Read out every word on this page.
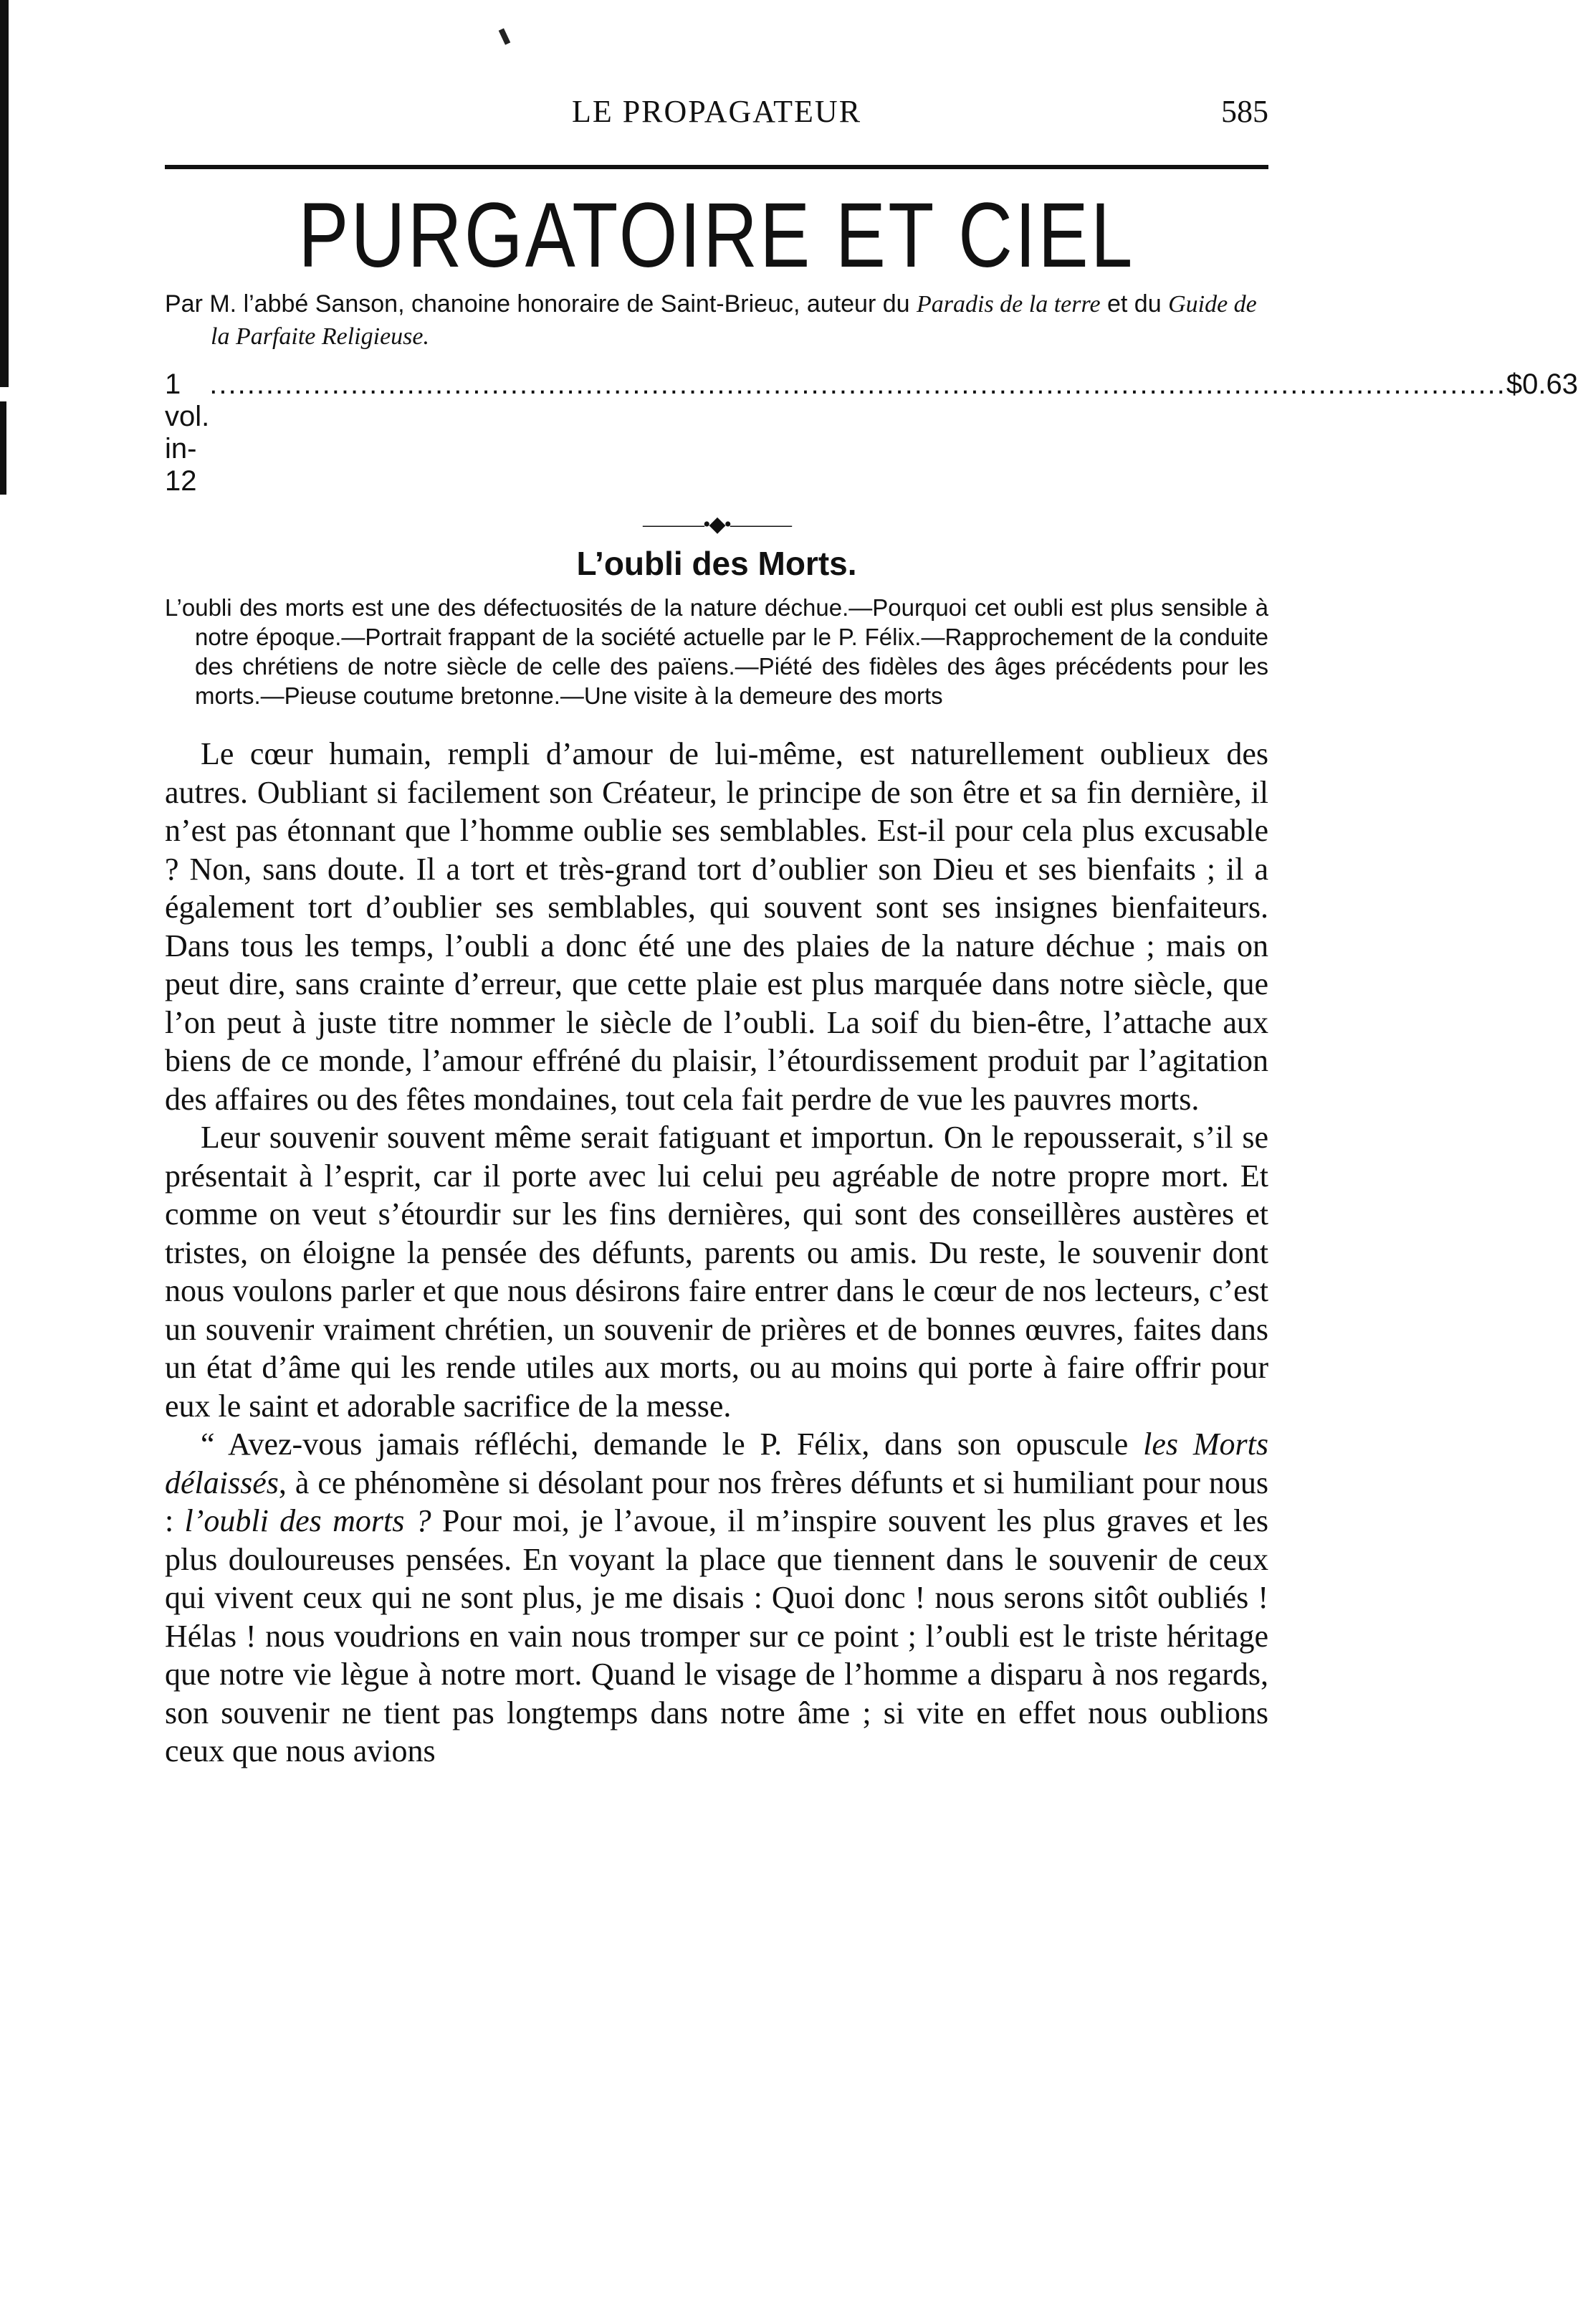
LE PROPAGATEUR	585
PURGATOIRE ET CIEL
Par M. l’abbé Sanson, chanoine honoraire de Saint-Brieuc, auteur du Paradis de la terre et du Guide de la Parfaite Religieuse.
1 vol. in-12
.......................................................................................................................................... $0.63
———•◆•———
L’oubli des Morts.
L’oubli des morts est une des défectuosités de la nature déchue.—Pourquoi cet oubli est plus sensible à notre époque.—Portrait frappant de la société actuelle par le P. Félix.—Rapprochement de la conduite des chrétiens de notre siècle de celle des païens.—Piété des fidèles des âges précédents pour les morts.—Pieuse coutume bretonne.—Une visite à la demeure des morts

Le cœur humain, rempli d’amour de lui-même, est naturellement oublieux des autres. Oubliant si facilement son Créateur, le principe de son être et sa fin dernière, il n’est pas étonnant que l’homme oublie ses semblables. Est-il pour cela plus excusable ? Non, sans doute. Il a tort et très-grand tort d’oublier son Dieu et ses bienfaits ; il a également tort d’oublier ses semblables, qui souvent sont ses insignes bienfaiteurs. Dans tous les temps, l’oubli a donc été une des plaies de la nature déchue ; mais on peut dire, sans crainte d’erreur, que cette plaie est plus marquée dans notre siècle, que l’on peut à juste titre nommer le siècle de l’oubli. La soif du bien-être, l’attache aux biens de ce monde, l’amour effréné du plaisir, l’étourdissement produit par l’agitation des affaires ou des fêtes mondaines, tout cela fait perdre de vue les pauvres morts.

Leur souvenir souvent même serait fatiguant et importun. On le repousserait, s’il se présentait à l’esprit, car il porte avec lui celui peu agréable de notre propre mort. Et comme on veut s’étourdir sur les fins dernières, qui sont des conseillères austères et tristes, on éloigne la pensée des défunts, parents ou amis. Du reste, le souvenir dont nous voulons parler et que nous désirons faire entrer dans le cœur de nos lecteurs, c’est un souvenir vraiment chrétien, un souvenir de prières et de bonnes œuvres, faites dans un état d’âme qui les rende utiles aux morts, ou au moins qui porte à faire offrir pour eux le saint et adorable sacrifice de la messe.

“ Avez-vous jamais réfléchi, demande le P. Félix, dans son opuscule les Morts délaissés, à ce phénomène si désolant pour nos frères défunts et si humiliant pour nous : l’oubli des morts ? Pour moi, je l’avoue, il m’inspire souvent les plus graves et les plus douloureuses pensées. En voyant la place que tiennent dans le souvenir de ceux qui vivent ceux qui ne sont plus, je me disais : Quoi donc ! nous serons sitôt oubliés ! Hélas ! nous voudrions en vain nous tromper sur ce point ; l’oubli est le triste héritage que notre vie lègue à notre mort. Quand le visage de l’homme a disparu à nos regards, son souvenir ne tient pas longtemps dans notre âme ; si vite en effet nous oublions ceux que nous avions
